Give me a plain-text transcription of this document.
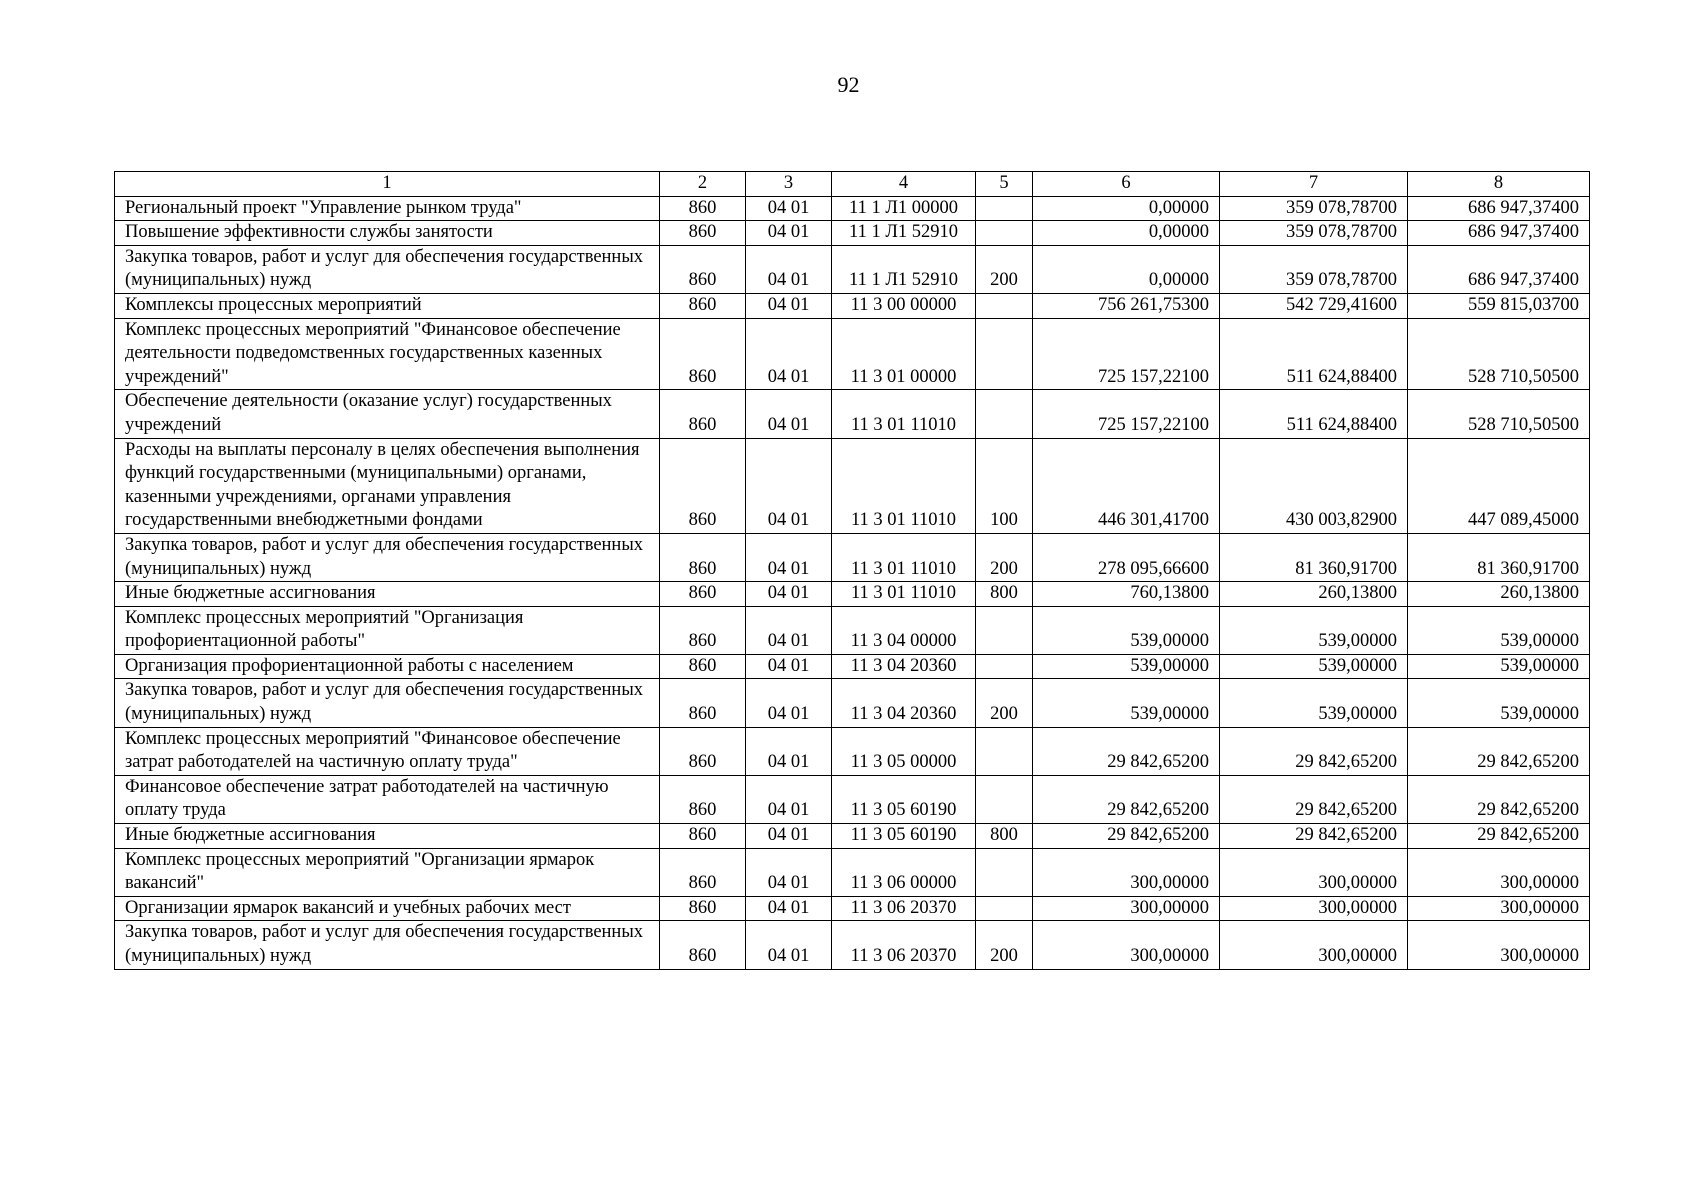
92
1	2	3	4	5	6	7	8
Региональный проект "Управление рынком труда"	860	04 01	11 1 Л1 00000		0,00000	359 078,78700	686 947,37400
Повышение эффективности службы занятости	860	04 01	11 1 Л1 52910		0,00000	359 078,78700	686 947,37400
Закупка товаров, работ и услуг для обеспечения государственных (муниципальных) нужд	860	04 01	11 1 Л1 52910	200	0,00000	359 078,78700	686 947,37400
Комплексы процессных мероприятий	860	04 01	11 3 00 00000		756 261,75300	542 729,41600	559 815,03700
Комплекс процессных мероприятий "Финансовое обеспечение деятельности подведомственных государственных казенных учреждений"	860	04 01	11 3 01 00000		725 157,22100	511 624,88400	528 710,50500
Обеспечение деятельности (оказание услуг) государственных учреждений	860	04 01	11 3 01 11010		725 157,22100	511 624,88400	528 710,50500
Расходы на выплаты персоналу в целях обеспечения выполнения функций государственными (муниципальными) органами, казенными учреждениями, органами управления государственными внебюджетными фондами	860	04 01	11 3 01 11010	100	446 301,41700	430 003,82900	447 089,45000
Закупка товаров, работ и услуг для обеспечения государственных (муниципальных) нужд	860	04 01	11 3 01 11010	200	278 095,66600	81 360,91700	81 360,91700
Иные бюджетные ассигнования	860	04 01	11 3 01 11010	800	760,13800	260,13800	260,13800
Комплекс процессных мероприятий "Организация профориентационной работы"	860	04 01	11 3 04 00000		539,00000	539,00000	539,00000
Организация профориентационной работы с населением	860	04 01	11 3 04 20360		539,00000	539,00000	539,00000
Закупка товаров, работ и услуг для обеспечения государственных (муниципальных) нужд	860	04 01	11 3 04 20360	200	539,00000	539,00000	539,00000
Комплекс процессных мероприятий "Финансовое обеспечение затрат работодателей на частичную оплату труда"	860	04 01	11 3 05 00000		29 842,65200	29 842,65200	29 842,65200
Финансовое обеспечение затрат работодателей на частичную оплату труда	860	04 01	11 3 05 60190		29 842,65200	29 842,65200	29 842,65200
Иные бюджетные ассигнования	860	04 01	11 3 05 60190	800	29 842,65200	29 842,65200	29 842,65200
Комплекс процессных мероприятий "Организации ярмарок вакансий"	860	04 01	11 3 06 00000		300,00000	300,00000	300,00000
Организации ярмарок вакансий и учебных рабочих мест	860	04 01	11 3 06 20370		300,00000	300,00000	300,00000
Закупка товаров, работ и услуг для обеспечения государственных (муниципальных) нужд	860	04 01	11 3 06 20370	200	300,00000	300,00000	300,00000
